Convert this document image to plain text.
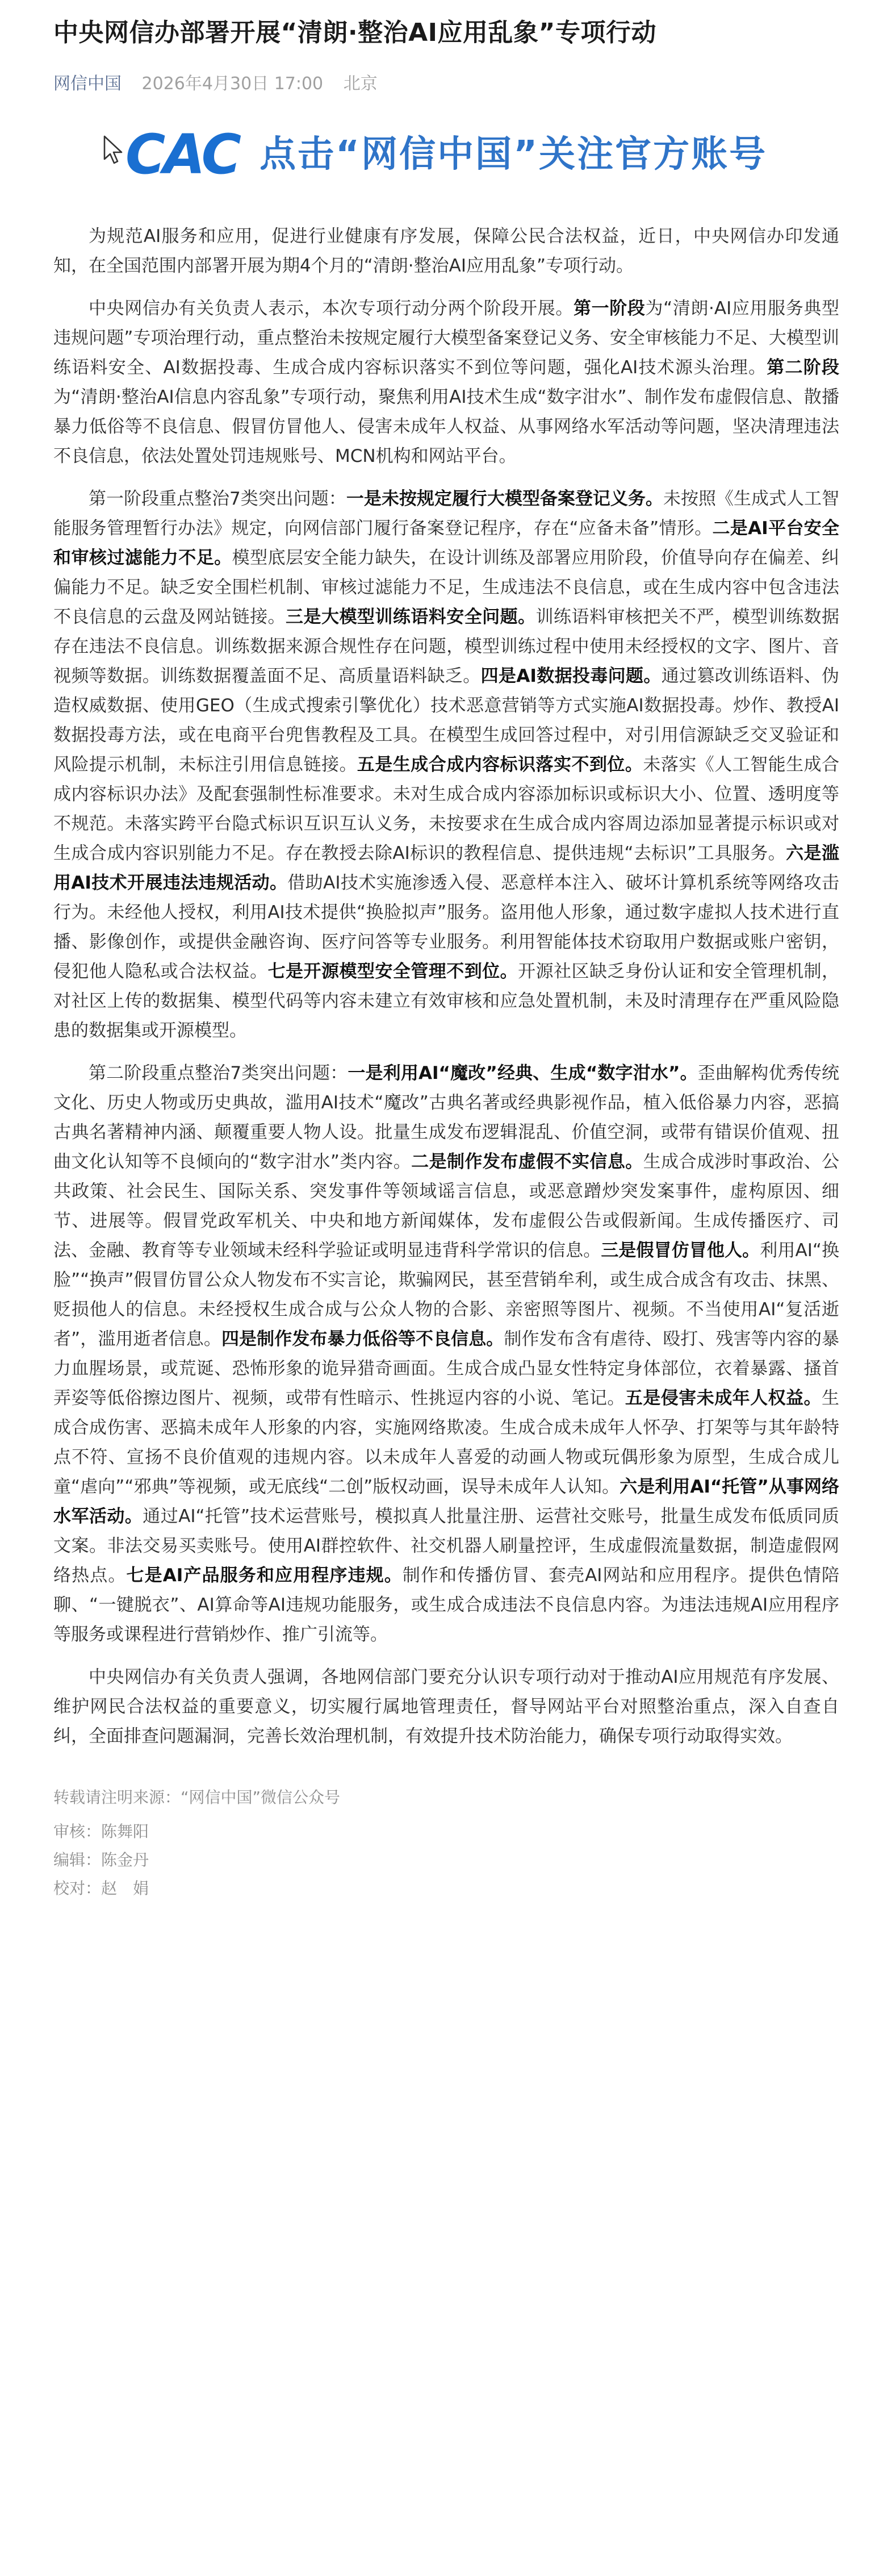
中央网信办部署开展“清朗·整治AI应用乱象”专项行动
网信中国 2026年4月30日 17:00 北京
CAC 点击“网信中国”关注官方账号

为规范AI服务和应用，促进行业健康有序发展，保障公民合法权益，近日，中央网信办印发通知，在全国范围内部署开展为期4个月的“清朗·整治AI应用乱象”专项行动。

中央网信办有关负责人表示，本次专项行动分两个阶段开展。第一阶段为“清朗·AI应用服务典型违规问题”专项治理行动，重点整治未按规定履行大模型备案登记义务、安全审核能力不足、大模型训练语料安全、AI数据投毒、生成合成内容标识落实不到位等问题，强化AI技术源头治理。第二阶段为“清朗·整治AI信息内容乱象”专项行动，聚焦利用AI技术生成“数字泔水”、制作发布虚假信息、散播暴力低俗等不良信息、假冒仿冒他人、侵害未成年人权益、从事网络水军活动等问题，坚决清理违法不良信息，依法处置处罚违规账号、MCN机构和网站平台。

第一阶段重点整治7类突出问题：一是未按规定履行大模型备案登记义务。未按照《生成式人工智能服务管理暂行办法》规定，向网信部门履行备案登记程序，存在“应备未备”情形。二是AI平台安全和审核过滤能力不足。模型底层安全能力缺失，在设计训练及部署应用阶段，价值导向存在偏差、纠偏能力不足。缺乏安全围栏机制、审核过滤能力不足，生成违法不良信息，或在生成内容中包含违法不良信息的云盘及网站链接。三是大模型训练语料安全问题。训练语料审核把关不严，模型训练数据存在违法不良信息。训练数据来源合规性存在问题，模型训练过程中使用未经授权的文字、图片、音视频等数据。训练数据覆盖面不足、高质量语料缺乏。四是AI数据投毒问题。通过篡改训练语料、伪造权威数据、使用GEO（生成式搜索引擎优化）技术恶意营销等方式实施AI数据投毒。炒作、教授AI数据投毒方法，或在电商平台兜售教程及工具。在模型生成回答过程中，对引用信源缺乏交叉验证和风险提示机制，未标注引用信息链接。五是生成合成内容标识落实不到位。未落实《人工智能生成合成内容标识办法》及配套强制性标准要求。未对生成合成内容添加标识或标识大小、位置、透明度等不规范。未落实跨平台隐式标识互识互认义务，未按要求在生成合成内容周边添加显著提示标识或对生成合成内容识别能力不足。存在教授去除AI标识的教程信息、提供违规“去标识”工具服务。六是滥用AI技术开展违法违规活动。借助AI技术实施渗透入侵、恶意样本注入、破坏计算机系统等网络攻击行为。未经他人授权，利用AI技术提供“换脸拟声”服务。盗用他人形象，通过数字虚拟人技术进行直播、影像创作，或提供金融咨询、医疗问答等专业服务。利用智能体技术窃取用户数据或账户密钥，侵犯他人隐私或合法权益。七是开源模型安全管理不到位。开源社区缺乏身份认证和安全管理机制，对社区上传的数据集、模型代码等内容未建立有效审核和应急处置机制，未及时清理存在严重风险隐患的数据集或开源模型。

第二阶段重点整治7类突出问题：一是利用AI“魔改”经典、生成“数字泔水”。歪曲解构优秀传统文化、历史人物或历史典故，滥用AI技术“魔改”古典名著或经典影视作品，植入低俗暴力内容，恶搞古典名著精神内涵、颠覆重要人物人设。批量生成发布逻辑混乱、价值空洞，或带有错误价值观、扭曲文化认知等不良倾向的“数字泔水”类内容。二是制作发布虚假不实信息。生成合成涉时事政治、公共政策、社会民生、国际关系、突发事件等领域谣言信息，或恶意蹭炒突发案事件，虚构原因、细节、进展等。假冒党政军机关、中央和地方新闻媒体，发布虚假公告或假新闻。生成传播医疗、司法、金融、教育等专业领域未经科学验证或明显违背科学常识的信息。三是假冒仿冒他人。利用AI“换脸”“换声”假冒仿冒公众人物发布不实言论，欺骗网民，甚至营销牟利，或生成合成含有攻击、抹黑、贬损他人的信息。未经授权生成合成与公众人物的合影、亲密照等图片、视频。不当使用AI“复活逝者”，滥用逝者信息。四是制作发布暴力低俗等不良信息。制作发布含有虐待、殴打、残害等内容的暴力血腥场景，或荒诞、恐怖形象的诡异猎奇画面。生成合成凸显女性特定身体部位，衣着暴露、搔首弄姿等低俗擦边图片、视频，或带有性暗示、性挑逗内容的小说、笔记。五是侵害未成年人权益。生成合成伤害、恶搞未成年人形象的内容，实施网络欺凌。生成合成未成年人怀孕、打架等与其年龄特点不符、宣扬不良价值观的违规内容。以未成年人喜爱的动画人物或玩偶形象为原型，生成合成儿童“虐向”“邪典”等视频，或无底线“二创”版权动画，误导未成年人认知。六是利用AI“托管”从事网络水军活动。通过AI“托管”技术运营账号，模拟真人批量注册、运营社交账号，批量生成发布低质同质文案。非法交易买卖账号。使用AI群控软件、社交机器人刷量控评，生成虚假流量数据，制造虚假网络热点。七是AI产品服务和应用程序违规。制作和传播仿冒、套壳AI网站和应用程序。提供色情陪聊、“一键脱衣”、AI算命等AI违规功能服务，或生成合成违法不良信息内容。为违法违规AI应用程序等服务或课程进行营销炒作、推广引流等。

中央网信办有关负责人强调，各地网信部门要充分认识专项行动对于推动AI应用规范有序发展、维护网民合法权益的重要意义，切实履行属地管理责任，督导网站平台对照整治重点，深入自查自纠，全面排查问题漏洞，完善长效治理机制，有效提升技术防治能力，确保专项行动取得实效。

转载请注明来源：“网信中国”微信公众号
审核：陈舞阳
编辑：陈金丹
校对：赵　娟
